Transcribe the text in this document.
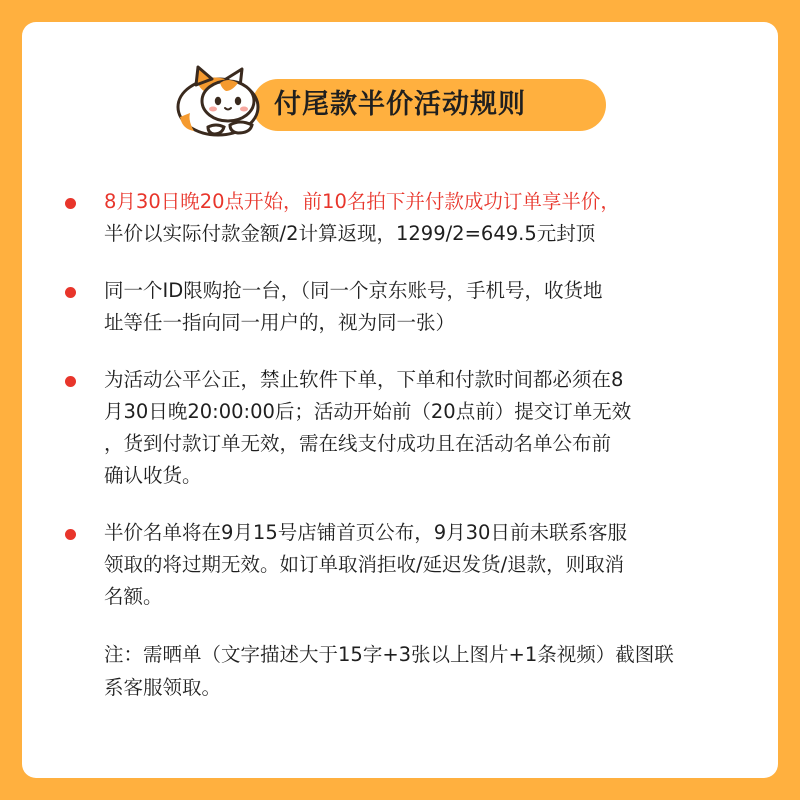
付尾款半价活动规则
8月30日晚20点开始，前10名拍下并付款成功订单享半价，
半价以实际付款金额/2计算返现，1299/2=649.5元封顶
同一个ID限购抢一台，（同一个京东账号，手机号，收货地
址等任一指向同一用户的，视为同一张）
为活动公平公正，禁止软件下单，下单和付款时间都必须在8
月30日晚20:00:00后；活动开始前（20点前）提交订单无效
，货到付款订单无效，需在线支付成功且在活动名单公布前
确认收货。
半价名单将在9月15号店铺首页公布，9月30日前未联系客服
领取的将过期无效。如订单取消拒收/延迟发货/退款，则取消
名额。
注：需晒单（文字描述大于15字+3张以上图片+1条视频）截图联
系客服领取。
